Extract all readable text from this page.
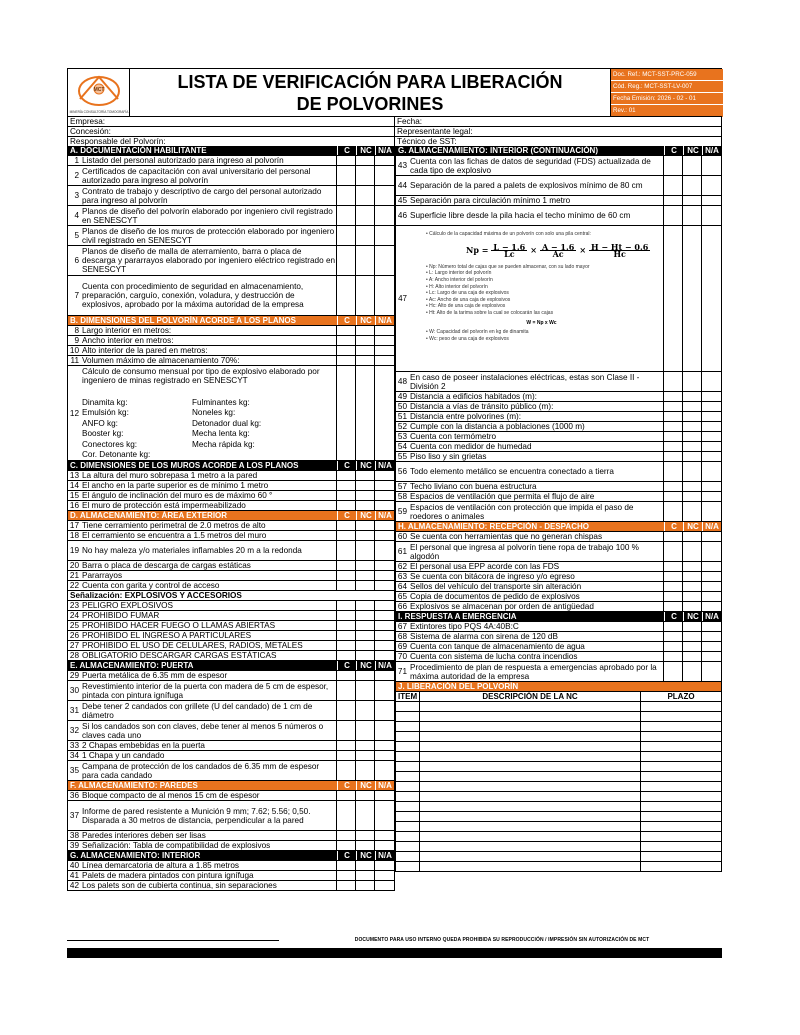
MCT
MINERÍA CONSULTORÍA TOMOGRAFÍA
LISTA DE VERIFICACIÓN PARA LIBERACIÓN DE POLVORINES
Doc. Ref.: MCT-SST-PRC-059
Cód. Reg.: MCT-SST-LV-007
Fecha Emisión: 2026 - 02 - 01
Rev.: 01
Empresa:
Concesión:
Responsable del Polvorín:
Fecha:
Representante legal:
Técnico de SST:
A. DOCUMENTACIÓN HABILITANTE	C	NC N/A
1 Listado del personal autorizado para ingreso al polvorín
2 Certificados de capacitación con aval universitario del personal autorizado para ingreso al polvorín
3 Contrato de trabajo y descriptivo de cargo del personal autorizado para ingreso al polvorín
4 Planos de diseño del polvorín elaborado por ingeniero civil registrado en SENESCYT
5 Planos de diseño de los muros de protección elaborado por ingeniero civil registrado en SENESCYT
6
Planos de diseño de malla de aterramiento, barra o placa de descarga y pararrayos elaborado por ingeniero eléctrico registrado en SENESCYT
7
Cuenta con procedimiento de seguridad en almacenamiento, preparación, carguío, conexión, voladura, y destrucción de explosivos, aprobado por la máxima autoridad de la empresa
B. DIMENSIONES DEL POLVORÍN ACORDE A LOS PLANOS	C	NC N/A
8 Largo interior en metros:
9 Ancho interior en metros:
10 Alto interior de la pared en metros:
11 Volumen máximo de almacenamiento 70%:
12
Cálculo de consumo mensual por tipo de explosivo elaborado por ingeniero de minas registrado en SENESCYT
Dinamita kg:	Fulminantes kg:
Emulsión kg:	Noneles kg:
ANFO kg:	Detonador dual kg:
Booster kg:	Mecha lenta kg:
Conectores kg:	Mecha rápida kg:
Cor. Detonante kg:
C. DIMENSIONES DE LOS MUROS ACORDE A LOS PLANOS	C	NC N/A
13 La altura del muro sobrepasa 1 metro a la pared
14 El ancho en la parte superior es de mínimo 1 metro
15 El ángulo de inclinación del muro es de máximo 60 °
16 El muro de protección está impermeabilizado
D. ALMACENAMIENTO: ÁREA EXTERIOR	C	NC N/A
17 Tiene cerramiento perimetral de 2.0 metros de alto
18 El cerramiento se encuentra a 1.5 metros del muro
19 No hay maleza y/o materiales inflamables 20 m a la redonda
20 Barra o placa de descarga de cargas estáticas
21 Pararrayos
22 Cuenta con garita y control de acceso
Señalización: EXPLOSIVOS Y ACCESORIOS
23 PELIGRO EXPLOSIVOS
24 PROHIBIDO FUMAR
25 PROHIBIDO HACER FUEGO O LLAMAS ABIERTAS
26 PROHIBIDO EL INGRESO A PARTICULARES
27 PROHIBIDO EL USO DE CELULARES, RADIOS, METALES
28 OBLIGATORIO DESCARGAR CARGAS ESTÁTICAS
E. ALMACENAMIENTO: PUERTA	C	NC N/A
29 Puerta metálica de 6.35 mm de espesor
30 Revestimiento interior de la puerta con madera de 5 cm de espesor, pintada con pintura ignífuga
31 Debe tener 2 candados con grillete (U del candado) de 1 cm de diámetro
32 Si los candados son con claves, debe tener al menos 5 números o claves cada uno
33 2 Chapas embebidas en la puerta
34 1 Chapa y un candado
35 Campana de protección de los candados de 6.35 mm de espesor para cada candado
F. ALMACENAMIENTO: PAREDES	C	NC N/A
36 Bloque compacto de al menos 15 cm de espesor
37 Informe de pared resistente a Munición 9 mm; 7.62; 5.56; 0,50. Disparada a 30 metros de distancia, perpendicular a la pared
38 Paredes interiores deben ser lisas
39 Señalización: Tabla de compatibilidad de explosivos
G. ALMACENAMIENTO: INTERIOR	C	NC N/A
40 Línea demarcatoria de altura a 1.85 metros
41 Palets de madera pintados con pintura ignífuga
42 Los palets son de cubierta continua, sin separaciones
G. ALMACENAMIENTO: INTERIOR (CONTINUACIÓN)	C	NC N/A
43 Cuenta con las fichas de datos de seguridad (FDS) actualizada de cada tipo de explosivo
44 Separación de la pared a palets de explosivos mínimo de 80 cm
45 Separación para circulación mínimo 1 metro
46 Superficie libre desde la pila hacia el techo mínimo de 60 cm
47
• Cálculo de la capacidad máxima de un polvorín con solo una pila central:
$Np = \frac{L - 1.6}{Lc} \times \frac{A - 1.6}{Ac} \times \frac{H - Ht - 0.6}{Hc}$
• Np: Número total de cajas que se pueden almacenar, con su lado mayor
• L: Largo interior del polvorín
• A: Ancho interior del polvorín
• H: Alto interior del polvorín
• Lc: Largo de una caja de explosivos
• Ac: Ancho de una caja de explosivos
• Hc: Alto de una caja de explosivos
• Ht: Alto de la tarima sobre la cual se colocarán las cajas
W = Np x Wc
• W: Capacidad del polvorín en kg de dinamita
• Wc: peso de una caja de explosivos
48 En caso de poseer instalaciones eléctricas, estas son Clase II - División 2
49 Distancia a edificios habitados (m):
50 Distancia a vías de tránsito público (m):
51 Distancia entre polvorines (m):
52 Cumple con la distancia a poblaciones (1000 m)
53 Cuenta con termómetro
54 Cuenta con medidor de humedad
55 Piso liso y sin grietas
56 Todo elemento metálico se encuentra conectado a tierra
57 Techo liviano con buena estructura
58 Espacios de ventilación que permita el flujo de aire
59 Espacios de ventilación con protección que impida el paso de roedores o animales
H. ALMACENAMIENTO: RECEPCIÓN - DESPACHO	C	NC N/A
60 Se cuenta con herramientas que no generan chispas
61 El personal que ingresa al polvorín tiene ropa de trabajo 100 % algodón
62 El personal usa EPP acorde con las FDS
63 Se cuenta con bitácora de ingreso y/o egreso
64 Sellos del vehículo del transporte sin alteración
65 Copia de documentos de pedido de explosivos
66 Explosivos se almacenan por orden de antigüedad
I. RESPUESTA A EMERGENCIA	C	NC N/A
67 Extintores tipo PQS 4A:40B:C
68 Sistema de alarma con sirena de 120 dB
69 Cuenta con tanque de almacenamiento de agua
70 Cuenta con sistema de lucha contra incendios
71 Procedimiento de plan de respuesta a emergencias aprobado por la máxima autoridad de la empresa
J. LIBERACIÓN DEL POLVORÍN
ITEM	DESCRIPCIÓN DE LA NC	PLAZO
DOCUMENTO PARA USO INTERNO QUEDA PROHIBIDA SU REPRODUCCIÓN / IMPRESIÓN SIN AUTORIZACIÓN DE MCT
